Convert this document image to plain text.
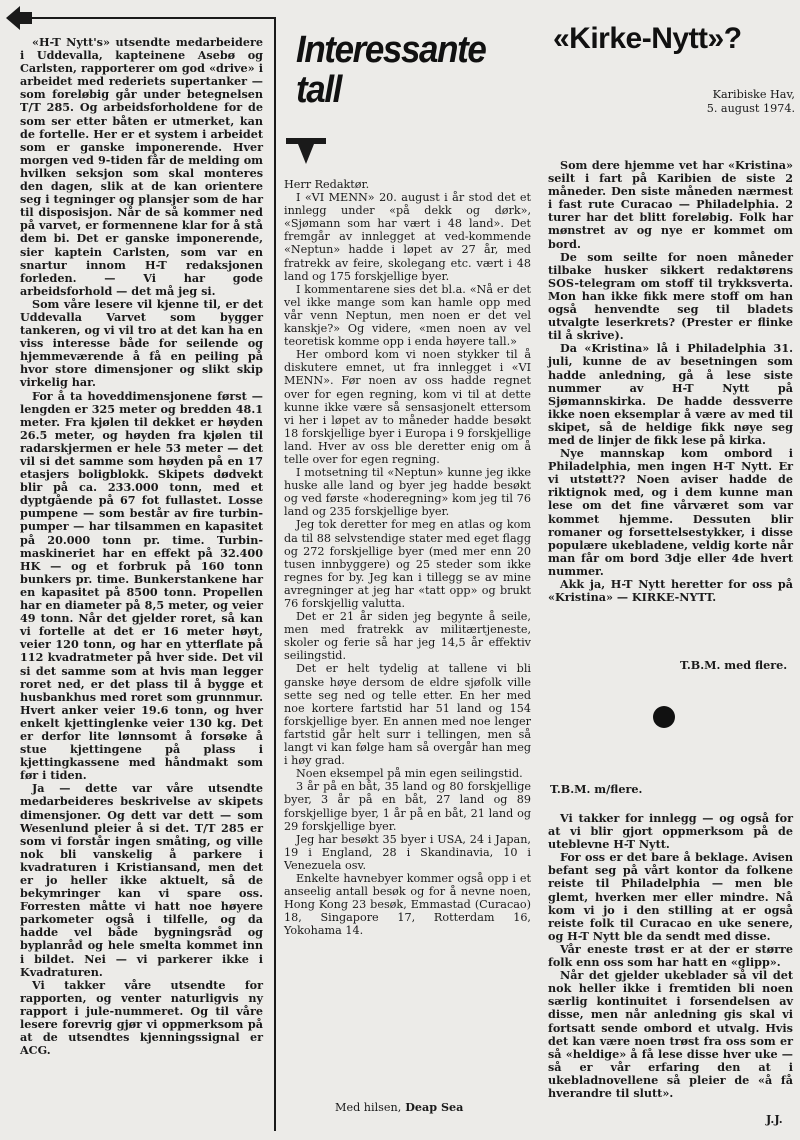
«H-T Nytt's» utsendte medarbeidere i Uddevalla, kapteinene Asebø og Carlsten, rapporterer om god «drive» i arbeidet med rederiets supertanker — som foreløbig går under betegnelsen T/T 285. Og arbeidsforholdene for de som ser etter båten er utmerket, kan de fortelle. Her er et system i arbeidet som er ganske imponerende. Hver morgen ved 9-tiden får de melding om hvilken seksjon som skal monteres den dagen, slik at de kan orientere seg i tegninger og plansjer som de har til disposisjon. Når de så kommer ned på varvet, er formennene klar for å stå dem bi. Det er ganske imponerende, sier kaptein Carlsten, som var en snartur innom H-T redaksjonen forleden. — Vi har gode arbeidsforhold — det må jeg si.

Som våre lesere vil kjenne til, er det Uddevalla Varvet som bygger tankeren, og vi vil tro at det kan ha en viss interesse både for seilende og hjemmeværende å få en peiling på hvor store dimensjoner og slikt skip virkelig har.

For å ta hoveddimensjonene først — lengden er 325 meter og bredden 48.1 meter. Fra kjølen til dekket er høyden 26.5 meter, og høyden fra kjølen til radarskjermen er hele 53 meter — det vil si det samme som høyden på en 17 etasjers boligblokk. Skipets dødvekt blir på ca. 233.000 tonn, med et dyptgående på 67 fot fullastet. Losse pumpene — som består av fire turbin-pumper — har tilsammen en kapasitet på 20.000 tonn pr. time. Turbin-maskineriet har en effekt på 32.400 HK — og et forbruk på 160 tonn bunkers pr. time. Bunkerstankene har en kapasitet på 8500 tonn. Propellen har en diameter på 8,5 meter, og veier 49 tonn. Når det gjelder roret, så kan vi fortelle at det er 16 meter høyt, veier 120 tonn, og har en ytterflate på 112 kvadratmeter på hver side. Det vil si det samme som at hvis man legger roret ned, er det plass til å bygge et husbankhus med roret som grunnmur. Hvert anker veier 19.6 tonn, og hver enkelt kjettinglenke veier 130 kg. Det er derfor lite lønnsomt å forsøke å stue kjettingene på plass i kjettingkassene med håndmakt som før i tiden.

Ja — dette var våre utsendte medarbeideres beskrivelse av skipets dimensjoner. Og dett var dett — som Wesenlund pleier å si det. T/T 285 er som vi forstår ingen småting, og ville nok bli vanskelig å parkere i kvadraturen i Kristiansand, men det er jo heller ikke aktuelt, så de bekymringer kan vi spare oss. Forresten måtte vi hatt noe høyere parkometer også i tilfelle, og da hadde vel både bygningsråd og byplanråd og hele smelta kommet inn i bildet. Nei — vi parkerer ikke i Kvadraturen.

Vi takker våre utsendte for rapporten, og venter naturligvis ny rapport i jule-nummeret. Og til våre lesere forevrig gjør vi oppmerksom på at de utsendtes kjenningssignal er ACG.

Interessante tall

Herr Redaktør.

I «VI MENN» 20. august i år stod det et innlegg under «på dekk og dørk», «Sjømann som har vært i 48 land». Det fremgår av innlegget at ved-kommende «Neptun» hadde i løpet av 27 år, med fratrekk av feire, skolegang etc. vært i 48 land og 175 forskjellige byer.

I kommentarene sies det bl.a. «Nå er det vel ikke mange som kan hamle opp med vår venn Neptun, men noen er det vel kanskje?» Og videre, «men noen av vel teoretisk komme opp i enda høyere tall.»

Her ombord kom vi noen stykker til å diskutere emnet, ut fra innlegget i «VI MENN». Før noen av oss hadde regnet over for egen regning, kom vi til at dette kunne ikke være så sensasjonelt ettersom vi her i løpet av to måneder hadde besøkt 18 forskjellige byer i Europa i 9 forskjellige land. Hver av oss ble deretter enig om å telle over for egen regning.

I motsetning til «Neptun» kunne jeg ikke huske alle land og byer jeg hadde besøkt og ved første «hoderegning» kom jeg til 76 land og 235 forskjellige byer.

Jeg tok deretter for meg en atlas og kom da til 88 selvstendige stater med eget flagg og 272 forskjellige byer (med mer enn 20 tusen innbyggere) og 25 steder som ikke regnes for by. Jeg kan i tillegg se av mine avregninger at jeg har «tatt opp» og brukt 76 forskjellig valutta.

Det er 21 år siden jeg begynte å seile, men med fratrekk av militærtjeneste, skoler og ferie så har jeg 14,5 år effektiv seilingstid.

Det er helt tydelig at tallene vi bli ganske høye dersom de eldre sjøfolk ville sette seg ned og telle etter. En her med noe kortere fartstid har 51 land og 154 forskjellige byer. En annen med noe lenger fartstid går helt surr i tellingen, men så langt vi kan følge ham så overgår han meg i høy grad.

Noen eksempel på min egen seilingstid.

3 år på en båt, 35 land og 80 forskjellige byer, 3 år på en båt, 27 land og 89 forskjellige byer, 1 år på en båt, 21 land og 29 forskjellige byer.

Jeg har besøkt 35 byer i USA, 24 i Japan, 19 i England, 28 i Skandinavia, 10 i Venezuela osv.

Enkelte havnebyer kommer også opp i et anseelig antall besøk og for å nevne noen, Hong Kong 23 besøk, Emmastad (Curacao) 18, Singapore 17, Rotterdam 16, Yokohama 14.

Med hilsen, Deap Sea
«Kirke-Nytt»?
Karibiske Hav,
5. august 1974.

Som dere hjemme vet har «Kristina» seilt i fart på Karibien de siste 2 måneder. Den siste måneden nærmest i fast rute Curacao — Philadelphia. 2 turer har det blitt foreløbig. Folk har mønstret av og nye er kommet om bord.

De som seilte for noen måneder tilbake husker sikkert redaktørens SOS-telegram om stoff til trykksverta. Mon han ikke fikk mere stoff om han også henvendte seg til bladets utvalgte leserkrets? (Prester er flinke til å skrive).

Da «Kristina» lå i Philadelphia 31. juli, kunne de av besetningen som hadde anledning, gå å lese siste nummer av H-T Nytt på Sjømannskirka. De hadde dessverre ikke noen eksemplar å være av med til skipet, så de heldige fikk nøye seg med de linjer de fikk lese på kirka.

Nye mannskap kom ombord i Philadelphia, men ingen H-T Nytt. Er vi utstøtt?? Noen aviser hadde de riktignok med, og i dem kunne man lese om det fine vårværet som var kommet hjemme. Dessuten blir romaner og forsettelsestykker, i disse populære ukebladene, veldig korte når man får om bord 3dje eller 4de hvert nummer.

Akk ja, H-T Nytt heretter for oss på «Kristina» — KIRKE-NYTT.

T.B.M. med flere.
T.B.M. m/flere.

Vi takker for innlegg — og også for at vi blir gjort oppmerksom på de uteblevne H-T Nytt.

For oss er det bare å beklage. Avisen befant seg på vårt kontor da folkene reiste til Philadelphia — men ble glemt, hverken mer eller mindre. Nå kom vi jo i den stilling at er også reiste folk til Curacao en uke senere, og H-T Nytt ble da sendt med disse.

Vår eneste trøst er at der er større folk enn oss som har hatt en «glipp».

Når det gjelder ukeblader så vil det nok heller ikke i fremtiden bli noen særlig kontinuitet i forsendelsen av disse, men når anledning gis skal vi fortsatt sende ombord et utvalg. Hvis det kan være noen trøst fra oss som er så «heldige» å få lese disse hver uke — så er vår erfaring den at i ukebladnovellene så pleier de «å få hverandre til slutt».

J.J.
